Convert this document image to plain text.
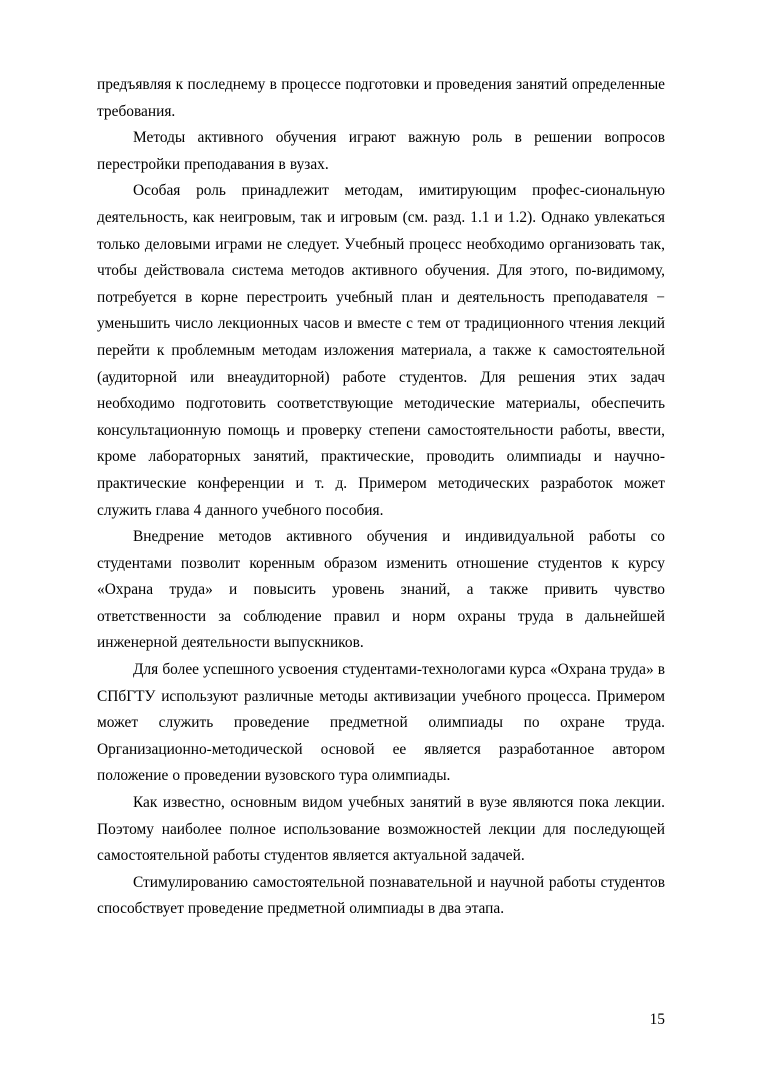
предъявляя к последнему в процессе подготовки и проведения занятий определенные требования.

Методы активного обучения играют важную роль в решении вопросов перестройки преподавания в вузах.

Особая роль принадлежит методам, имитирующим профес-сиональную деятельность, как неигровым, так и игровым (см. разд. 1.1 и 1.2). Однако увлекаться только деловыми играми не следует. Учебный процесс необходимо организовать так, чтобы действовала система методов активного обучения. Для этого, по-видимому, потребуется в корне перестроить учебный план и деятельность преподавателя − уменьшить число лекционных часов и вместе с тем от традиционного чтения лекций перейти к проблемным методам изложения материала, а также к самостоятельной (аудиторной или внеаудиторной) работе студентов. Для решения этих задач необходимо подготовить соответствующие методические материалы, обеспечить консультационную помощь и проверку степени самостоятельности работы, ввести, кроме лабораторных занятий, практические, проводить олимпиады и научно-практические конференции и т. д. Примером методических разработок может служить глава 4 данного учебного пособия.

Внедрение методов активного обучения и индивидуальной работы со студентами позволит коренным образом изменить отношение студентов к курсу «Охрана труда» и повысить уровень знаний, а также привить чувство ответственности за соблюдение правил и норм охраны труда в дальнейшей инженерной деятельности выпускников.

Для более успешного усвоения студентами-технологами курса «Охрана труда» в СПбГТУ используют различные методы активизации учебного процесса. Примером может служить проведение предметной олимпиады по охране труда. Организационно-методической основой ее является разработанное автором положение о проведении вузовского тура олимпиады.

Как известно, основным видом учебных занятий в вузе являются пока лекции. Поэтому наиболее полное использование возможностей лекции для последующей самостоятельной работы студентов является актуальной задачей.

Стимулированию самостоятельной познавательной и научной работы студентов способствует проведение предметной олимпиады в два этапа.

15
